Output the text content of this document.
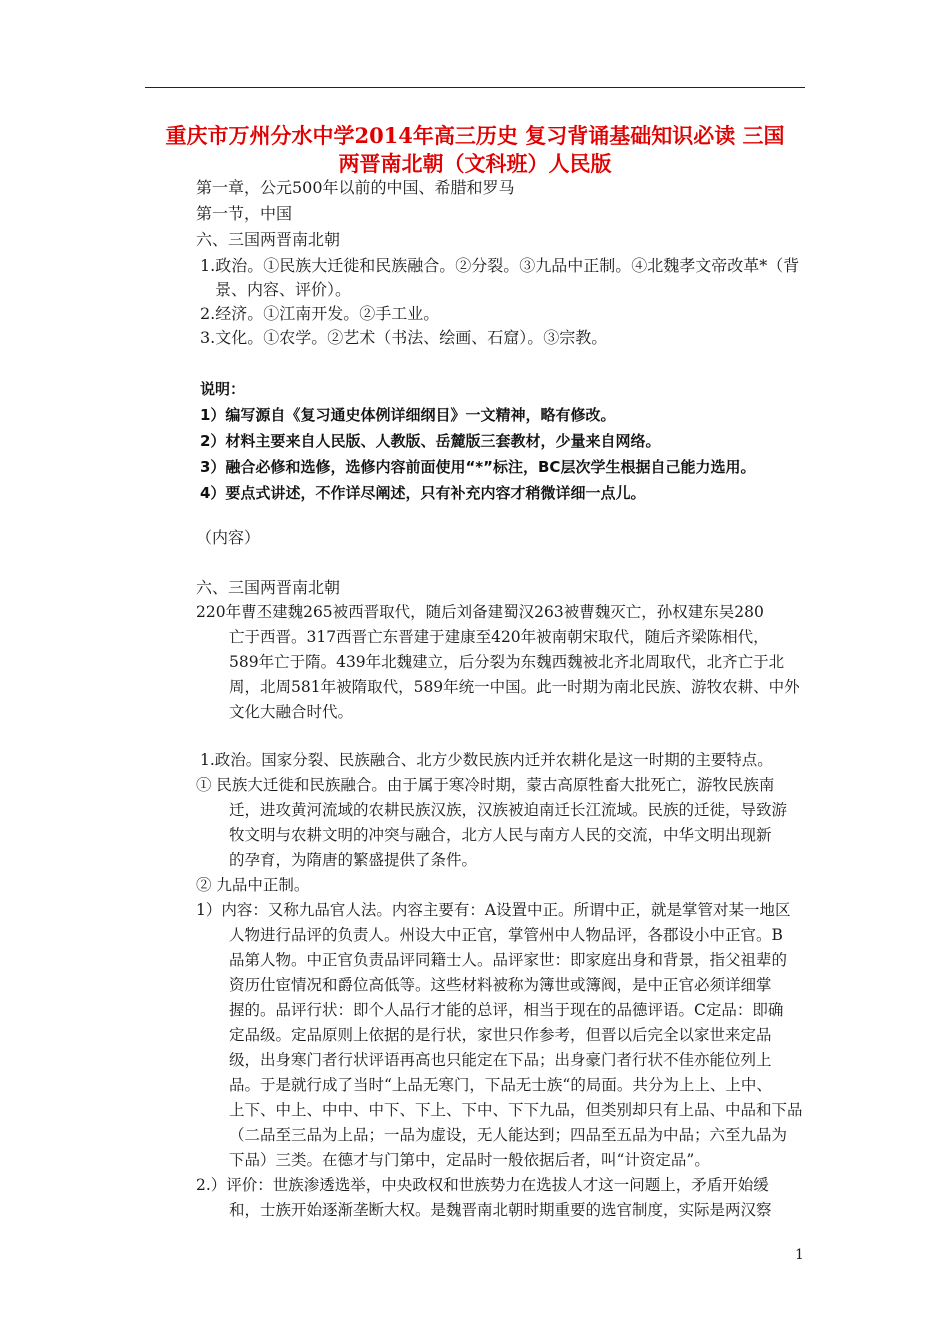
重庆市万州分水中学2014年高三历史 复习背诵基础知识必读 三国
两晋南北朝（文科班）人民版
第一章，公元500年以前的中国、希腊和罗马
第一节，中国
六、三国两晋南北朝
1.政治。①民族大迁徙和民族融合。②分裂。③九品中正制。④北魏孝文帝改革*（背
景、内容、评价）。
2.经济。①江南开发。②手工业。
3.文化。①农学。②艺术（书法、绘画、石窟）。③宗教。
说明：
1）编写源自《复习通史体例详细纲目》一文精神，略有修改。
2）材料主要来自人民版、人教版、岳麓版三套教材，少量来自网络。
3）融合必修和选修，选修内容前面使用“*”标注，BC层次学生根据自己能力选用。
4）要点式讲述，不作详尽阐述，只有补充内容才稍微详细一点儿。
（内容）
六、三国两晋南北朝
220年曹丕建魏265被西晋取代，随后刘备建蜀汉263被曹魏灭亡，孙权建东吴280
亡于西晋。317西晋亡东晋建于建康至420年被南朝宋取代，随后齐梁陈相代，
589年亡于隋。439年北魏建立，后分裂为东魏西魏被北齐北周取代，北齐亡于北
周，北周581年被隋取代，589年统一中国。此一时期为南北民族、游牧农耕、中外
文化大融合时代。
1.政治。国家分裂、民族融合、北方少数民族内迁并农耕化是这一时期的主要特点。
① 民族大迁徙和民族融合。由于属于寒冷时期，蒙古高原牲畜大批死亡，游牧民族南
迁，进攻黄河流域的农耕民族汉族，汉族被迫南迁长江流域。民族的迁徙，导致游
牧文明与农耕文明的冲突与融合，北方人民与南方人民的交流，中华文明出现新
的孕育，为隋唐的繁盛提供了条件。
② 九品中正制。
1）内容：又称九品官人法。内容主要有：A设置中正。所谓中正，就是掌管对某一地区
人物进行品评的负责人。州设大中正官，掌管州中人物品评，各郡设小中正官。B
品第人物。中正官负责品评同籍士人。品评家世：即家庭出身和背景，指父祖辈的
资历仕宦情况和爵位高低等。这些材料被称为簿世或簿阀，是中正官必须详细掌
握的。品评行状：即个人品行才能的总评，相当于现在的品德评语。C定品：即确
定品级。定品原则上依据的是行状，家世只作参考，但晋以后完全以家世来定品
级，出身寒门者行状评语再高也只能定在下品；出身豪门者行状不佳亦能位列上
品。于是就行成了当时“上品无寒门，下品无士族“的局面。共分为上上、上中、
上下、中上、中中、中下、下上、下中、下下九品，但类别却只有上品、中品和下品
（二品至三品为上品；一品为虚设，无人能达到；四品至五品为中品；六至九品为
下品）三类。在德才与门第中，定品时一般依据后者，叫“计资定品”。
2.）评价：世族渗透选举，中央政权和世族势力在选拔人才这一问题上，矛盾开始缓
和，士族开始逐渐垄断大权。是魏晋南北朝时期重要的选官制度，实际是两汉察
1
